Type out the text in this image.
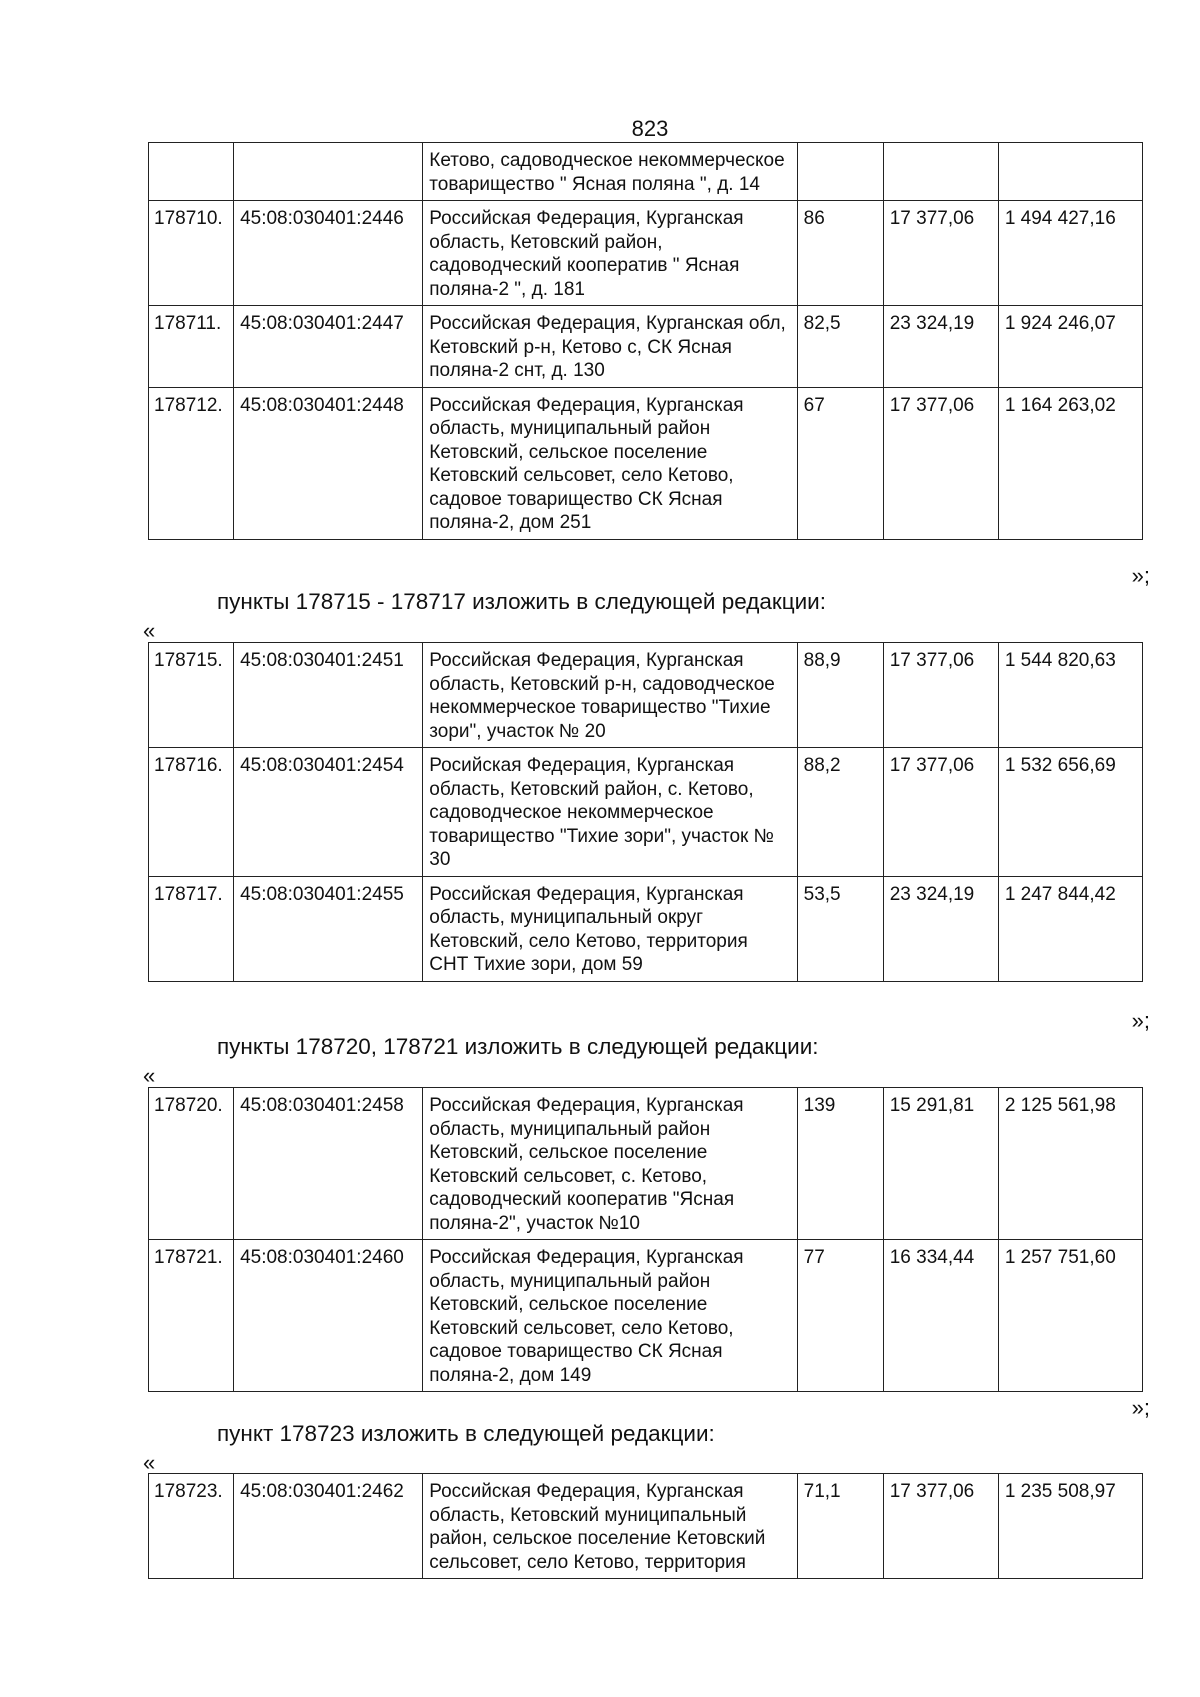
823
		Кетово, садоводческое некоммерческое товарищество " Ясная поляна ", д. 14			
178710.	45:08:030401:2446	Российская Федерация, Курганская область, Кетовский район, садоводческий кооператив " Ясная поляна-2 ", д. 181	86	17 377,06	1 494 427,16
178711.	45:08:030401:2447	Российская Федерация, Курганская обл, Кетовский р-н, Кетово с, СК Ясная поляна-2 снт, д. 130	82,5	23 324,19	1 924 246,07
178712.	45:08:030401:2448	Российская Федерация, Курганская область, муниципальный район Кетовский, сельское поселение Кетовский сельсовет, село Кетово, садовое товарищество СК Ясная поляна-2, дом 251	67	17 377,06	1 164 263,02
»;
пункты 178715 - 178717 изложить в следующей редакции:
«
178715.	45:08:030401:2451	Российская Федерация, Курганская область, Кетовский р-н, садоводческое некоммерческое товарищество "Тихие зори", участок № 20	88,9	17 377,06	1 544 820,63
178716.	45:08:030401:2454	Росийская Федерация, Курганская область, Кетовский район, с. Кетово, садоводческое некоммерческое товарищество "Тихие зори", участок № 30	88,2	17 377,06	1 532 656,69
178717.	45:08:030401:2455	Российская Федерация, Курганская область, муниципальный округ Кетовский, село Кетово, территория СНТ Тихие зори, дом 59	53,5	23 324,19	1 247 844,42
»;
пункты 178720, 178721 изложить в следующей редакции:
«
178720.	45:08:030401:2458	Российская Федерация, Курганская область, муниципальный район Кетовский, сельское поселение Кетовский сельсовет, с. Кетово, садоводческий кооператив "Ясная поляна-2", участок №10	139	15 291,81	2 125 561,98
178721.	45:08:030401:2460	Российская Федерация, Курганская область, муниципальный район Кетовский, сельское поселение Кетовский сельсовет, село Кетово, садовое товарищество СК Ясная поляна-2, дом 149	77	16 334,44	1 257 751,60
»;
пункт 178723 изложить в следующей редакции:
«
178723.	45:08:030401:2462	Российская Федерация, Курганская область, Кетовский муниципальный район, сельское поселение Кетовский сельсовет, село Кетово, территория	71,1	17 377,06	1 235 508,97
